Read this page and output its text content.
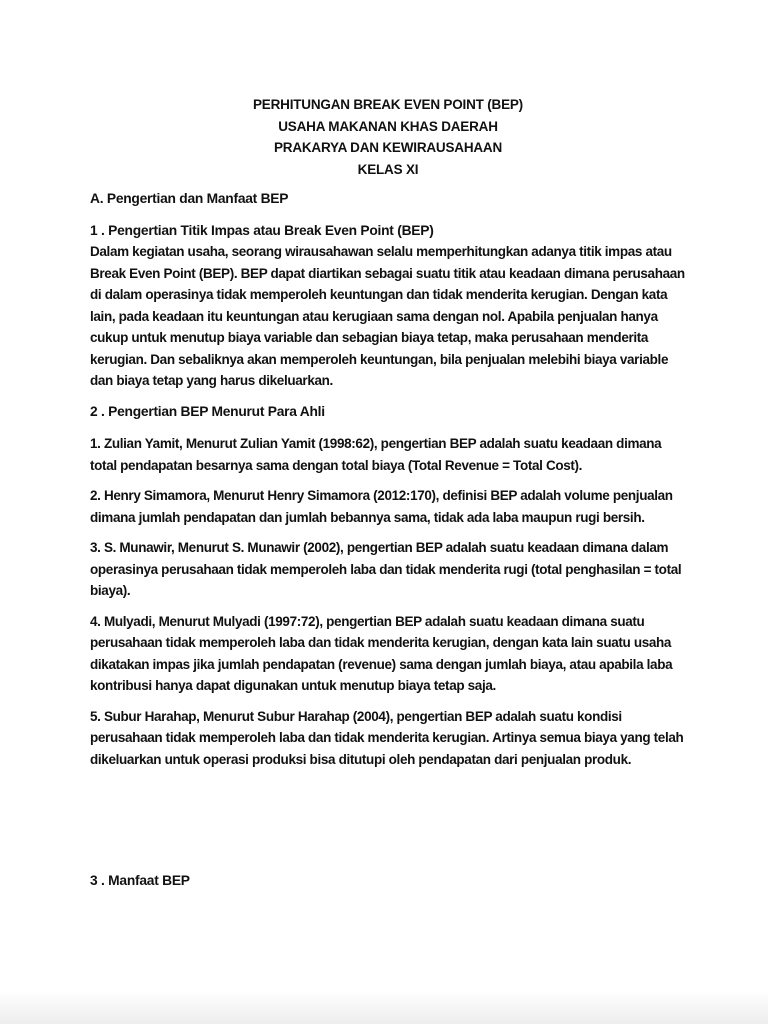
PERHITUNGAN BREAK EVEN POINT (BEP)
USAHA MAKANAN KHAS DAERAH
PRAKARYA DAN KEWIRAUSAHAAN
KELAS XI
A. Pengertian dan Manfaat BEP
1 . Pengertian Titik Impas atau Break Even Point (BEP)

Dalam kegiatan usaha, seorang wirausahawan selalu memperhitungkan adanya titik impas atau Break Even Point (BEP). BEP dapat diartikan sebagai suatu titik atau keadaan dimana perusahaan di dalam operasinya tidak memperoleh keuntungan dan tidak menderita kerugian. Dengan kata lain, pada keadaan itu keuntungan atau kerugiaan sama dengan nol. Apabila penjualan hanya cukup untuk menutup biaya variable dan sebagian biaya tetap, maka perusahaan menderita kerugian. Dan sebaliknya akan memperoleh keuntungan, bila penjualan melebihi biaya variable dan biaya tetap yang harus dikeluarkan.

2 . Pengertian BEP Menurut Para Ahli

1. Zulian Yamit, Menurut Zulian Yamit (1998:62), pengertian BEP adalah suatu keadaan dimana total pendapatan besarnya sama dengan total biaya (Total Revenue = Total Cost).

2. Henry Simamora, Menurut Henry Simamora (2012:170), definisi BEP adalah volume penjualan dimana jumlah pendapatan dan jumlah bebannya sama, tidak ada laba maupun rugi bersih.

3. S. Munawir, Menurut S. Munawir (2002), pengertian BEP adalah suatu keadaan dimana dalam operasinya perusahaan tidak memperoleh laba dan tidak menderita rugi (total penghasilan = total biaya).

4. Mulyadi, Menurut Mulyadi (1997:72), pengertian BEP adalah suatu keadaan dimana suatu perusahaan tidak memperoleh laba dan tidak menderita kerugian, dengan kata lain suatu usaha dikatakan impas jika jumlah pendapatan (revenue) sama dengan jumlah biaya, atau apabila laba kontribusi hanya dapat digunakan untuk menutup biaya tetap saja.

5. Subur Harahap, Menurut Subur Harahap (2004), pengertian BEP adalah suatu kondisi perusahaan tidak memperoleh laba dan tidak menderita kerugian. Artinya semua biaya yang telah dikeluarkan untuk operasi produksi bisa ditutupi oleh pendapatan dari penjualan produk.

3 . Manfaat BEP
